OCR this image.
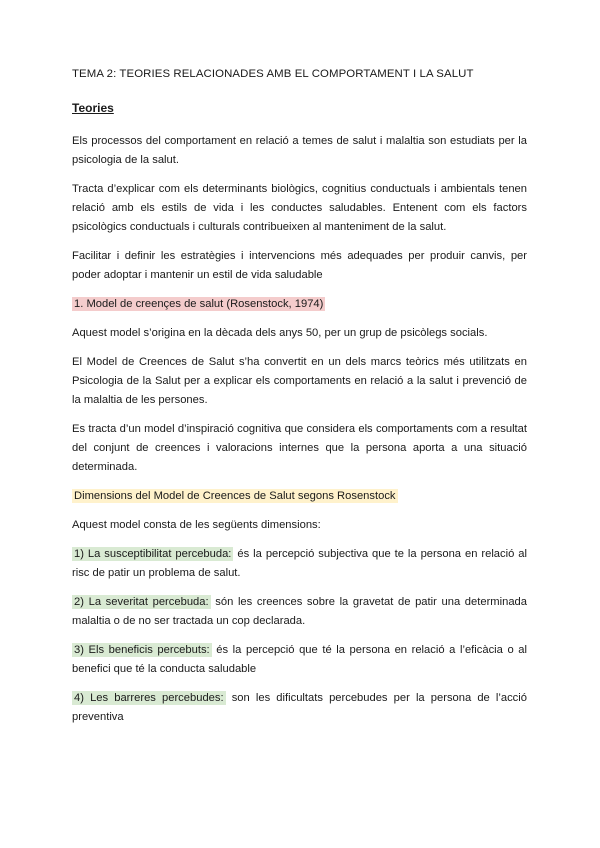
TEMA 2: TEORIES RELACIONADES AMB EL COMPORTAMENT I LA SALUT
Teories

Els processos del comportament en relació a temes de salut i malaltia son estudiats per la psicologia de la salut.

Tracta d’explicar com els determinants biològics, cognitius conductuals i ambientals tenen relació amb els estils de vida i les conductes saludables. Entenent com els factors psicològics conductuals i culturals contribueixen al manteniment de la salut.

Facilitar i definir les estratègies i intervencions més adequades per produir canvis, per poder adoptar i mantenir un estil de vida saludable

1. Model de creençes de salut (Rosenstock, 1974)

Aquest model s’origina en la dècada dels anys 50, per un grup de psicòlegs socials.

El Model de Creences de Salut s’ha convertit en un dels marcs teòrics més utilitzats en Psicologia de la Salut per a explicar els comportaments en relació a la salut i prevenció de la malaltia de les persones.

Es tracta d’un model d’inspiració cognitiva que considera els comportaments com a resultat del conjunt de creences i valoracions internes que la persona aporta a una situació determinada.

Dimensions del Model de Creences de Salut segons Rosenstock

Aquest model consta de les següents dimensions:

1) La susceptibilitat percebuda: és la percepció subjectiva que te la persona en relació al risc de patir un problema de salut.

2) La severitat percebuda: són les creences sobre la gravetat de patir una determinada malaltia o de no ser tractada un cop declarada.

3) Els beneficis percebuts: és la percepció que té la persona en relació a l’eficàcia o al benefici que té la conducta saludable

4) Les barreres percebudes: son les dificultats percebudes per la persona de l’acció preventiva
